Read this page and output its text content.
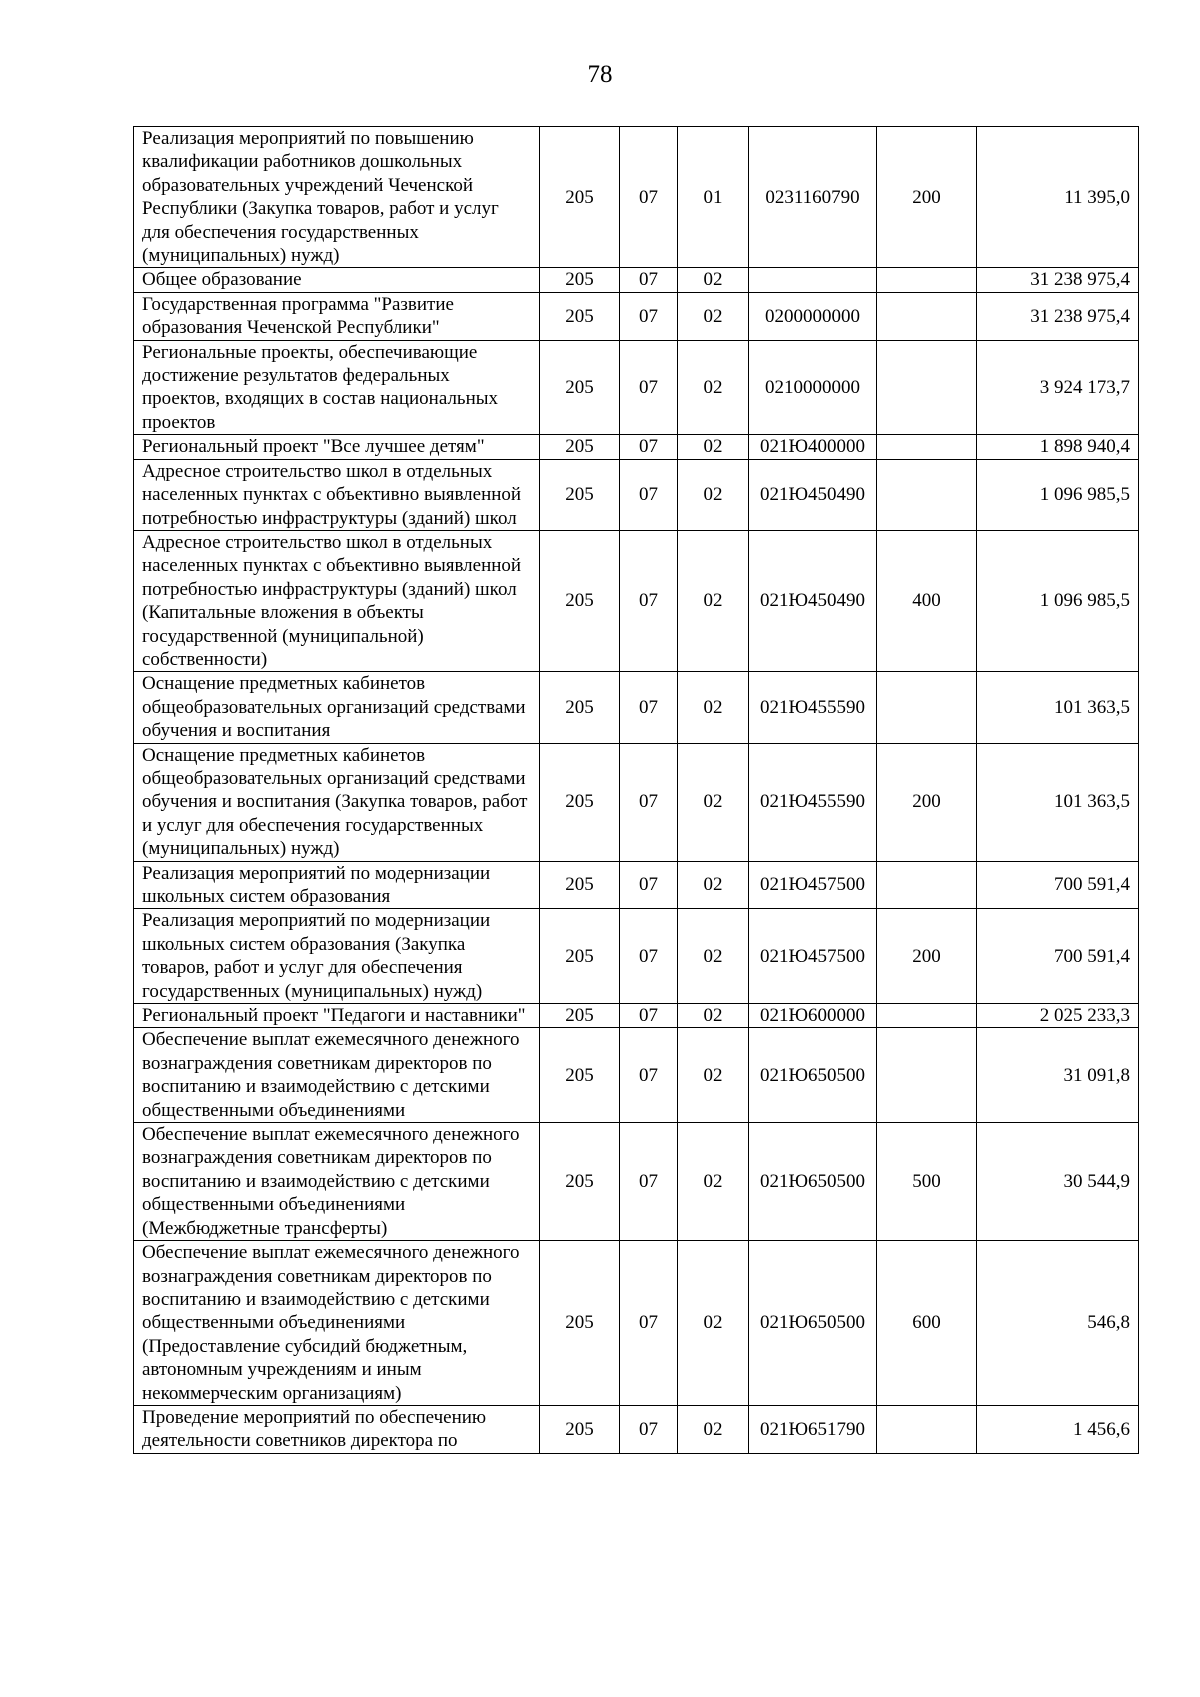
78
Реализация мероприятий по повышению квалификации работников дошкольных образовательных учреждений Чеченской Республики (Закупка товаров, работ и услуг для обеспечения государственных (муниципальных) нужд)	205	07	01	0231160790	200	11 395,0
Общее образование	205	07	02			31 238 975,4
Государственная программа "Развитие образования Чеченской Республики"	205	07	02	0200000000		31 238 975,4
Региональные проекты, обеспечивающие достижение результатов федеральных проектов, входящих в состав национальных проектов	205	07	02	0210000000		3 924 173,7
Региональный проект "Все лучшее детям"	205	07	02	021Ю400000		1 898 940,4
Адресное строительство школ в отдельных населенных пунктах с объективно выявленной потребностью инфраструктуры (зданий) школ	205	07	02	021Ю450490		1 096 985,5
Адресное строительство школ в отдельных населенных пунктах с объективно выявленной потребностью инфраструктуры (зданий) школ (Капитальные вложения в объекты государственной (муниципальной) собственности)	205	07	02	021Ю450490	400	1 096 985,5
Оснащение предметных кабинетов общеобразовательных организаций средствами обучения и воспитания	205	07	02	021Ю455590		101 363,5
Оснащение предметных кабинетов общеобразовательных организаций средствами обучения и воспитания (Закупка товаров, работ и услуг для обеспечения государственных (муниципальных) нужд)	205	07	02	021Ю455590	200	101 363,5
Реализация мероприятий по модернизации школьных систем образования	205	07	02	021Ю457500		700 591,4
Реализация мероприятий по модернизации школьных систем образования (Закупка товаров, работ и услуг для обеспечения государственных (муниципальных) нужд)	205	07	02	021Ю457500	200	700 591,4
Региональный проект "Педагоги и наставники"	205	07	02	021Ю600000		2 025 233,3
Обеспечение выплат ежемесячного денежного вознаграждения советникам директоров по воспитанию и взаимодействию с детскими общественными объединениями	205	07	02	021Ю650500		31 091,8
Обеспечение выплат ежемесячного денежного вознаграждения советникам директоров по воспитанию и взаимодействию с детскими общественными объединениями (Межбюджетные трансферты)	205	07	02	021Ю650500	500	30 544,9
Обеспечение выплат ежемесячного денежного вознаграждения советникам директоров по воспитанию и взаимодействию с детскими общественными объединениями (Предоставление субсидий бюджетным, автономным учреждениям и иным некоммерческим организациям)	205	07	02	021Ю650500	600	546,8
Проведение мероприятий по обеспечению деятельности советников директора по	205	07	02	021Ю651790		1 456,6
